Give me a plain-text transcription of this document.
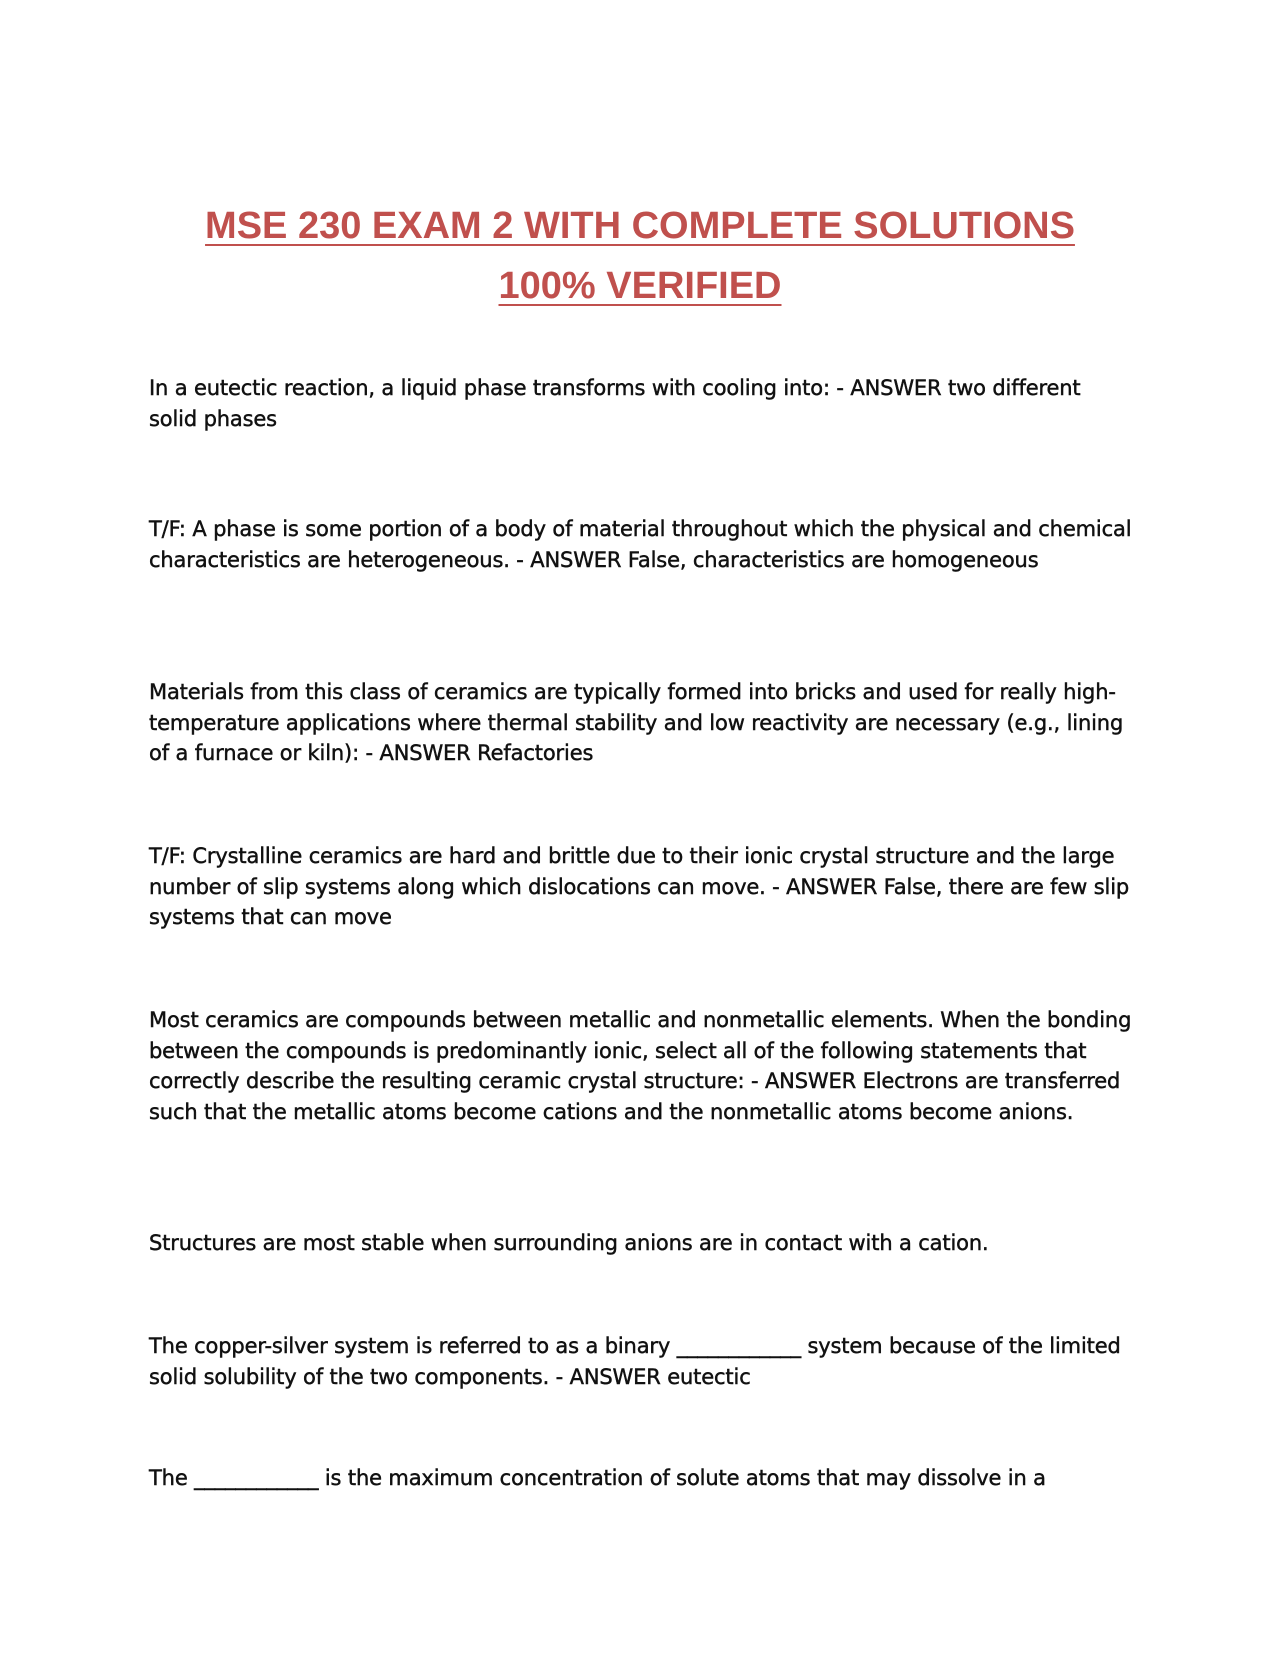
MSE 230 EXAM 2 WITH COMPLETE SOLUTIONS
100% VERIFIED

In a eutectic reaction, a liquid phase transforms with cooling into: - ANSWER two different solid phases

T/F: A phase is some portion of a body of material throughout which the physical and chemical characteristics are heterogeneous. - ANSWER False, characteristics are homogeneous

Materials from this class of ceramics are typically formed into bricks and used for really high-temperature applications where thermal stability and low reactivity are necessary (e.g., lining of a furnace or kiln): - ANSWER Refactories

T/F: Crystalline ceramics are hard and brittle due to their ionic crystal structure and the large number of slip systems along which dislocations can move. - ANSWER False, there are few slip systems that can move

Most ceramics are compounds between metallic and nonmetallic elements. When the bonding between the compounds is predominantly ionic, select all of the following statements that correctly describe the resulting ceramic crystal structure: - ANSWER Electrons are transferred such that the metallic atoms become cations and the nonmetallic atoms become anions.

Structures are most stable when surrounding anions are in contact with a cation.

The copper-silver system is referred to as a binary ____________ system because of the limited solid solubility of the two components. - ANSWER eutectic

The ____________ is the maximum concentration of solute atoms that may dissolve in a
